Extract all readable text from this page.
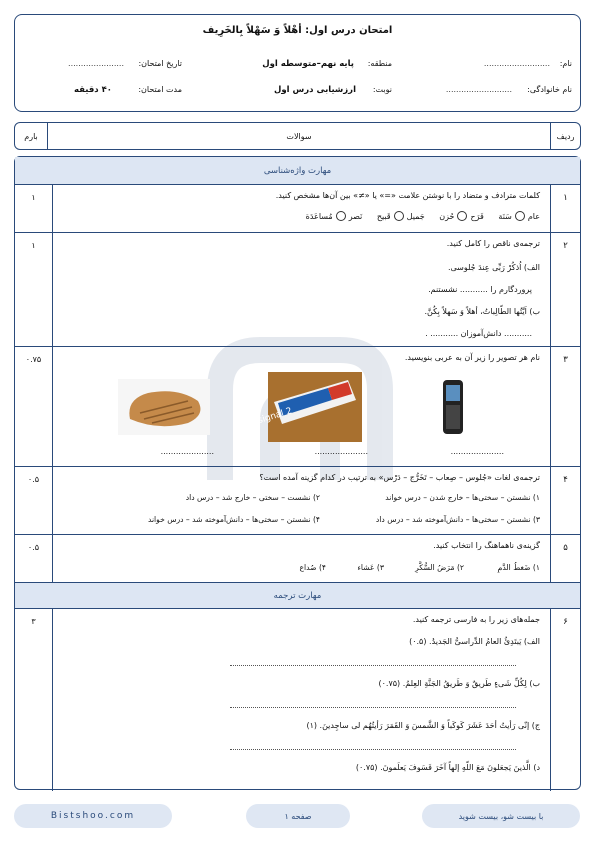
امتحان درس اول: أهْلاً وَ سَهْلاً بِالخَرِیف
نام:
..........................
منطقه:
پایه نهم–متوسطه اول
تاریخ امتحان:
......................
نام خانوادگی:
..........................
نوبت:
ارزشیابی درس اول
مدت امتحان:
۴۰ دقیقه
ردیف
سوالات
بارم
مهارت واژه‌شناسی
۱
کلمات مترادف و متضاد را با نوشتن علامت «=» یا «≠» بین آن‌ها مشخص کنید.
عام
سَنَة

فَرَح
حُزن

جَمیل
قَبیح

نَصر
مُساعَدَة
۱
۲
ترجمه‌ی ناقص را کامل کنید.
الف) اُذکُرْ رَبِّی عِندَ جُلوسی.
پروردگارم را ........... نشستنم.
ب) اَیَّتُها الطّالِباتُ، أهلاً وَ سَهلاً بِکُنَّ.
........... دانش‌آموزان ........... .
۱
۳
نام هر تصویر را زیر آن به عربی بنویسید.
signal 2
.....................
.....................
.....................
۰.۷۵
۴
ترجمه‌ی لغات «جُلوس – صِعاب – تَخَرُّج – دَرْس» به ترتیب در کدام گزینه آمده است؟
۱) نشستن – سختی‌ها – خارج شدن – درس خواند
۲) نشست – سختی – خارج شد – درس داد
۳) نشستن – سختی‌ها – دانش‌آموخته شد – درس داد
۴) نشستن – سختی‌ها – دانش‌آموخته شد – درس خواند
۰.۵
۵
گزینه‌ی ناهماهنگ را انتخاب کنید.
۱) ضَغطُ الدَّمِ
۲) مَرَضُ السُّکَّرِ
۳) عَشاء
۴) صُداع
۰.۵
مهارت ترجمه
۶
جمله‌های زیر را به فارسی ترجمه کنید.
الف) یَبتَدِئُ العامُ الدِّراسیُّ الجَدیدُ. (۰.۵)
ب) لِکُلِّ شَیءٍ طَریقٌ وَ طَریقُ الجَنَّةِ العِلمُ. (۰.۷۵)
ج) إنّی رَأیتُ أحَدَ عَشَرَ کَوکَباً وَ الشَّمسَ وَ القَمَرَ رَأیتُهُم لی ساجِدینَ. (۱)
د) الَّذینَ یَجعَلونَ مَعَ اللّهِ إلهاً آخَرَ فَسَوفَ یَعلَمونَ. (۰.۷۵)
۳
Bistshoo.com	صفحه ۱	با بیست شو، بیست شوید
